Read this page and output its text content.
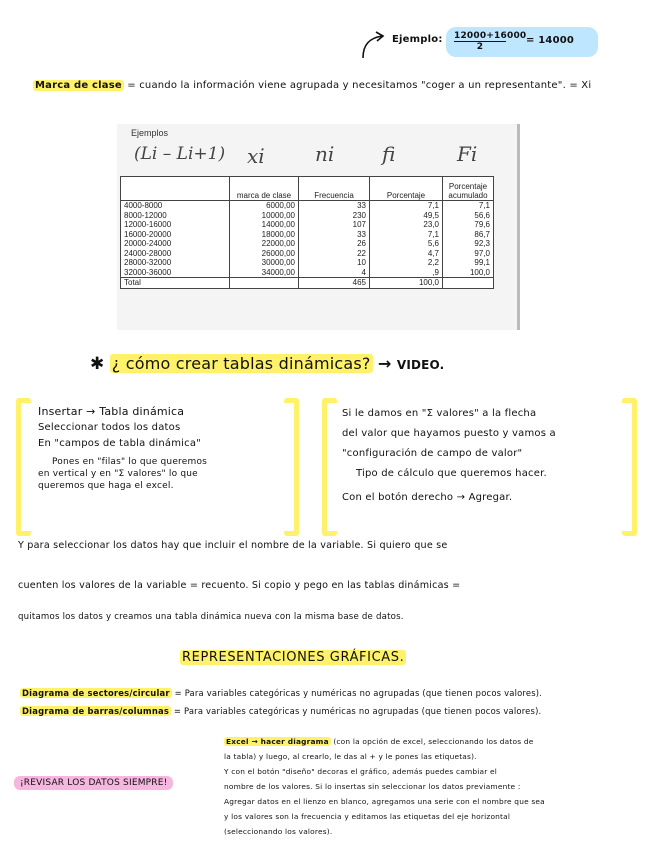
Ejemplo: $\frac{12000+16000}{2} = 14000$
Marca de clase = cuando la información viene agrupada y necesitamos "coger a un representante". = Xi
Ejemplos
(Li – Li+1) xi	ni fi	Fi
	marca de clase	Frecuencia	Porcentaje	Porcentaje acumulado
4000-8000	6000,00	33	7,1	7,1
8000-12000	10000,00	230	49,5	56,6
12000-16000	14000,00	107	23,0	79,6
16000-20000	18000,00	33	7,1	86,7
20000-24000	22000,00	26	5,6	92,3
24000-28000	26000,00	22	4,7	97,0
28000-32000	30000,00	10	2,2	99,1
32000-36000	34000,00	4	,9	100,0
Total		465	100,0	
✱ ¿ cómo crear tablas dinámicas? → VIDEO.
Insertar → Tabla dinámica
Seleccionar todos los datos
En "campos de tabla dinámica"
Pones en "filas" lo que queremos
en vertical y en "Σ valores" lo que
queremos que haga el excel.
Si le damos en "Σ valores" a la flecha
del valor que hayamos puesto y vamos a
"configuración de campo de valor"
Tipo de cálculo que queremos hacer.
Con el botón derecho → Agregar.
Y para seleccionar los datos hay que incluir el nombre de la variable. Si quiero que se
cuenten los valores de la variable = recuento. Si copio y pego en las tablas dinámicas =
quitamos los datos y creamos una tabla dinámica nueva con la misma base de datos.
REPRESENTACIONES GRÁFICAS.
Diagrama de sectores/circular = Para variables categóricas y numéricas no agrupadas (que tienen pocos valores).
Diagrama de barras/columnas = Para variables categóricas y numéricas no agrupadas (que tienen pocos valores).
¡REVISAR LOS DATOS SIEMPRE!
Excel → hacer diagrama (con la opción de excel, seleccionando los datos de
la tabla) y luego, al crearlo, le das al + y le pones las etiquetas).
Y con el botón "diseño" decoras el gráfico, además puedes cambiar el
nombre de los valores. Si lo insertas sin seleccionar los datos previamente :
Agregar datos en el lienzo en blanco, agregamos una serie con el nombre que sea
y los valores son la frecuencia y editamos las etiquetas del eje horizontal
(seleccionando los valores).
